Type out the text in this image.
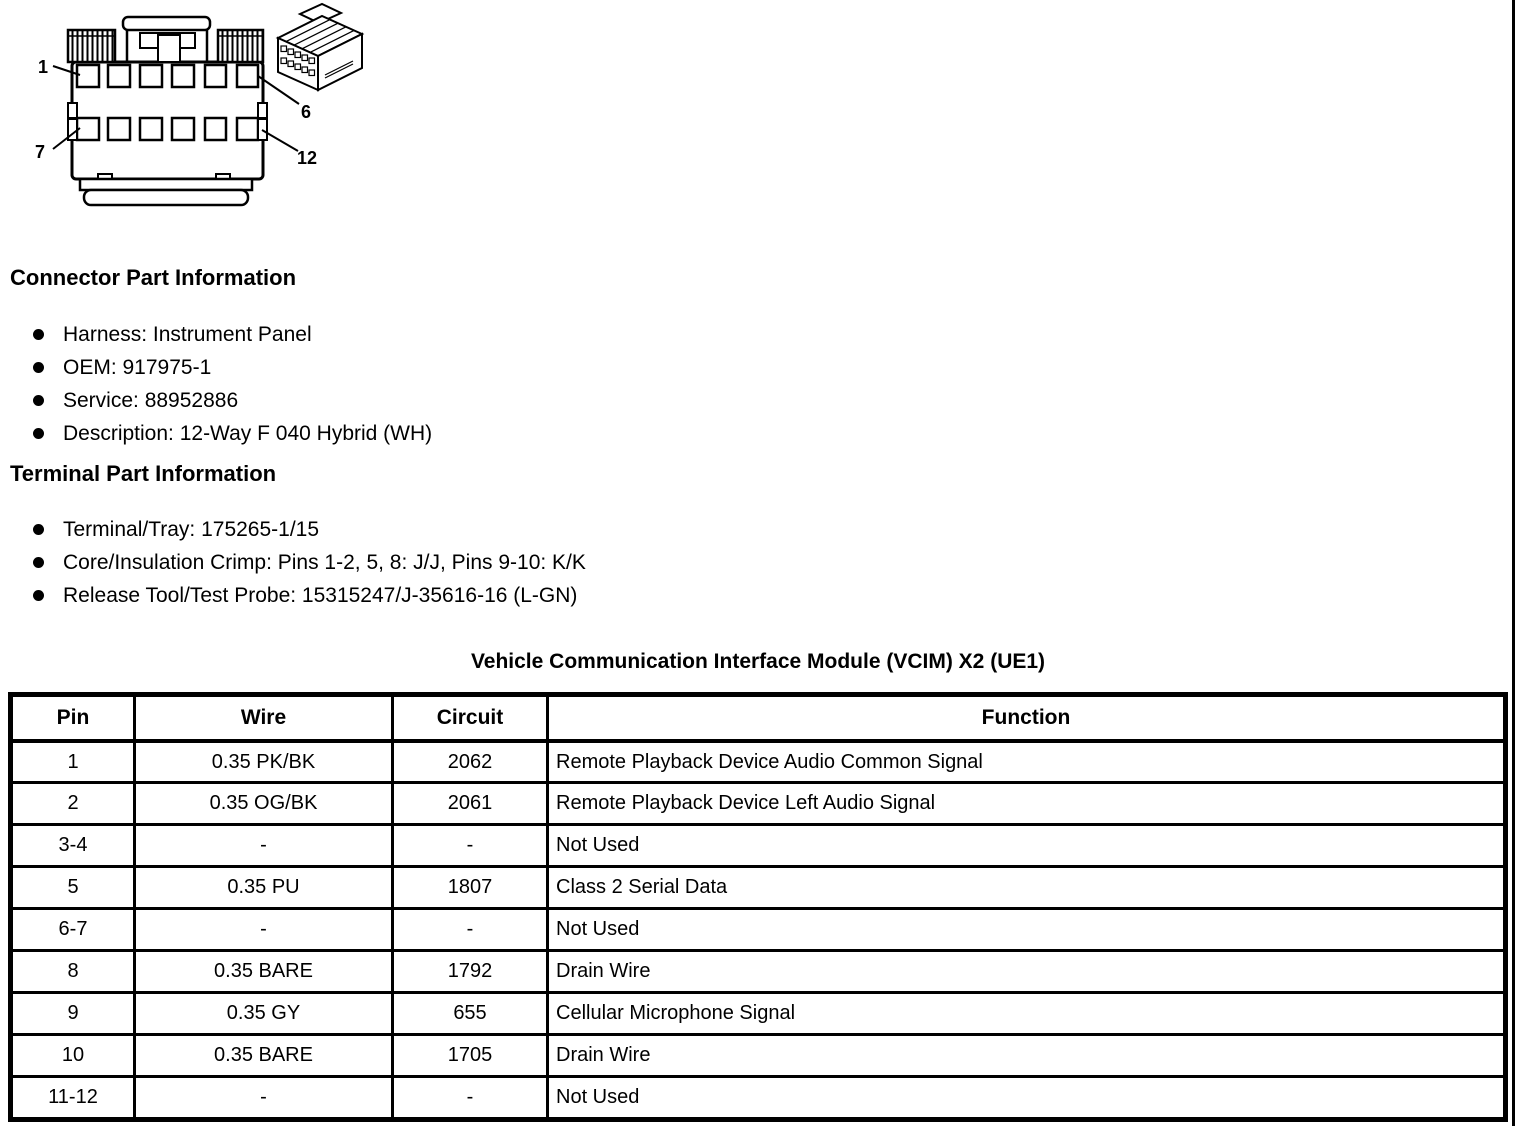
1
6
7	12
Connector Part Information
Harness: Instrument Panel
OEM: 917975-1
Service: 88952886
Description: 12-Way F 040 Hybrid (WH)
Terminal Part Information
Terminal/Tray: 175265-1/15
Core/Insulation Crimp: Pins 1-2, 5, 8: J/J, Pins 9-10: K/K
Release Tool/Test Probe: 15315247/J-35616-16 (L-GN)
Vehicle Communication Interface Module (VCIM) X2 (UE1)
Pin	Wire	Circuit	Function
1	0.35 PK/BK	2062	Remote Playback Device Audio Common Signal
2	0.35 OG/BK	2061	Remote Playback Device Left Audio Signal
3-4	-	-	Not Used
5	0.35 PU	1807	Class 2 Serial Data
6-7	-	-	Not Used
8	0.35 BARE	1792	Drain Wire
9	0.35 GY	655	Cellular Microphone Signal
10	0.35 BARE	1705	Drain Wire
11-12	-	-	Not Used
